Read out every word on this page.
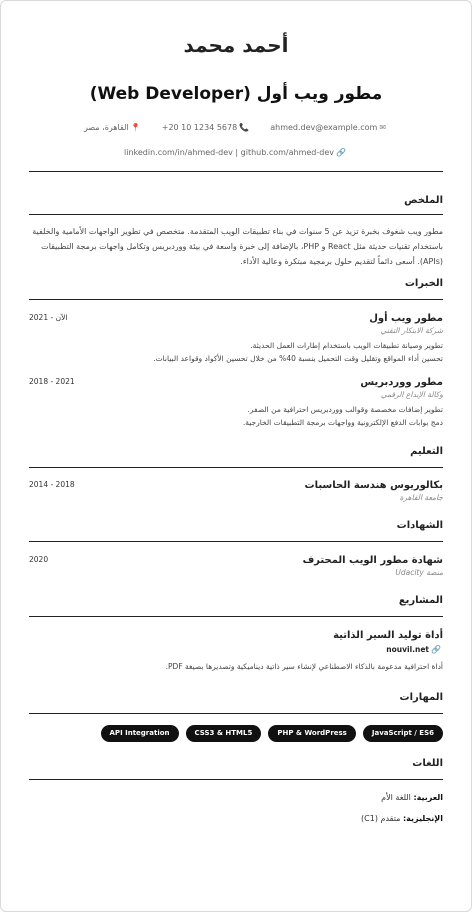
أحمد محمد
مطور ويب أول (Web Developer)
✉ahmed.dev@example.com  📞5678 1234 10 20+  📍القاهرة، مصر
🔗linkedin.com/in/ahmed-dev | github.com/ahmed-dev
الملخص
مطور ويب شغوف بخبرة تزيد عن 5 سنوات في بناء تطبيقات الويب المتقدمة. متخصص في تطوير الواجهات الأمامية والخلفية باستخدام تقنيات حديثة مثل React و PHP، بالإضافة إلى خبرة واسعة في بيئة ووردبريس وتكامل واجهات برمجة التطبيقات (APIs). أسعى دائماً لتقديم حلول برمجية مبتكرة وعالية الأداء.
الخبرات
مطور ويب أول
شركة الابتكار التقني
2021 - الآن
تطوير وصيانة تطبيقات الويب باستخدام إطارات العمل الحديثة.
تحسين أداء المواقع وتقليل وقت التحميل بنسبة 40% من خلال تحسين الأكواد وقواعد البيانات.
مطور ووردبريس
وكالة الإبداع الرقمي
2018 - 2021
تطوير إضافات مخصصة وقوالب ووردبريس احترافية من الصفر.
دمج بوابات الدفع الإلكترونية وواجهات برمجة التطبيقات الخارجية.
التعليم
بكالوريوس هندسة الحاسبات
جامعة القاهرة
2014 - 2018
الشهادات
شهادة مطور الويب المحترف
منصة Udacity
2020
المشاريع
أداة توليد السير الذاتية
🔗nouvil.net
أداة احترافية مدعومة بالذكاء الاصطناعي لإنشاء سير ذاتية ديناميكية وتصديرها بصيغة PDF.
المهارات
JavaScript / ES6
PHP & WordPress
CSS3 & HTML5
API Integration
اللغات
العربية: اللغة الأم
الإنجليزية: متقدم (C1)
